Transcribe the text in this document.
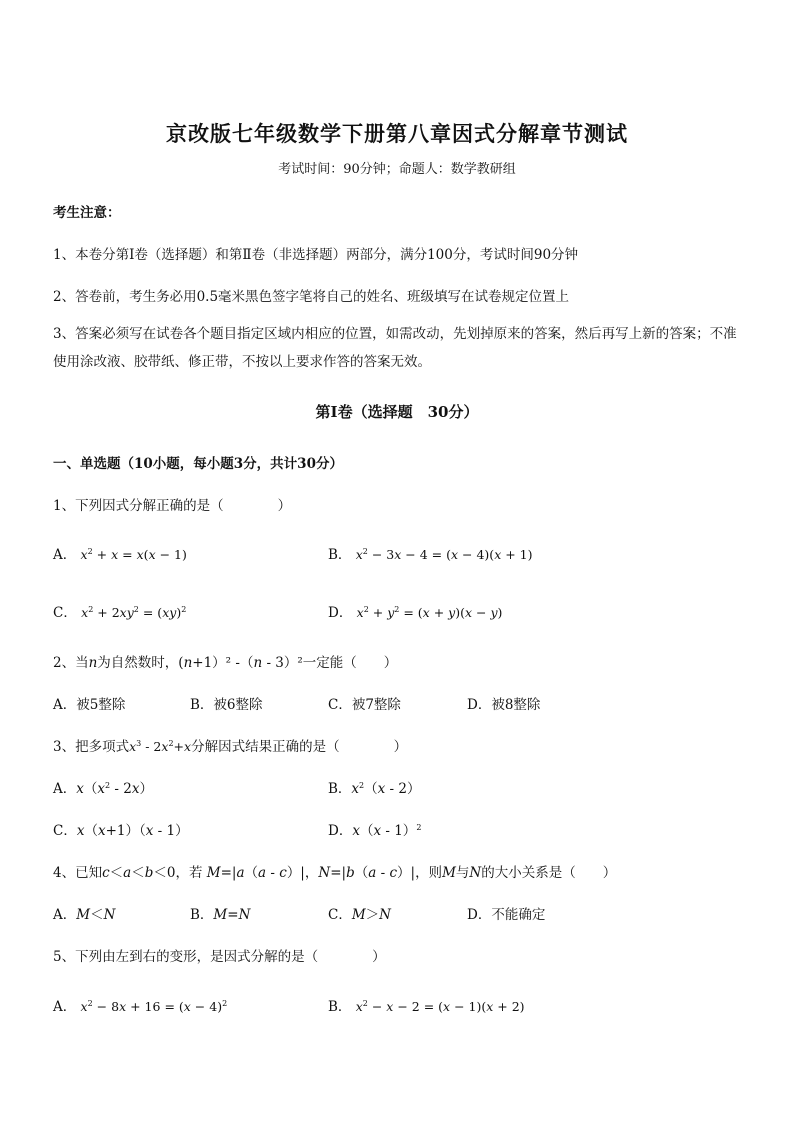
京改版七年级数学下册第八章因式分解章节测试
考试时间：90分钟；命题人：数学教研组
考生注意：
1、本卷分第Ⅰ卷（选择题）和第Ⅱ卷（非选择题）两部分，满分100分，考试时间90分钟
2、答卷前，考生务必用0.5毫米黑色签字笔将自己的姓名、班级填写在试卷规定位置上
3、答案必须写在试卷各个题目指定区域内相应的位置，如需改动，先划掉原来的答案，然后再写上新的答案；不准使用涂改液、胶带纸、修正带，不按以上要求作答的答案无效。
第Ⅰ卷（选择题　30分）
一、单选题（10小题，每小题3分，共计30分）
1、下列因式分解正确的是（　　　　）
A． $x^2 + x = x(x - 1)$	B． $x^2 - 3x - 4 = (x - 4)(x + 1)$
C． $x^2 + 2xy^2 = (xy)^2$	D． $x^2 + y^2 = (x + y)(x - y)$
2、当n为自然数时，(n+1）² -（n - 3）²一定能（　　）
A．被5整除	B．被6整除	C．被7整除	D．被8整除
3、把多项式$x^3 - 2x^2+x$分解因式结果正确的是（　　　　）
A．$x(x^2 - 2x)$	B．$x^2(x - 2)$
C．x（x+1）（x - 1）	D．x（x - 1）$^2$
4、已知c＜a＜b＜0，若 M=|a（a - c）|，N=|b（a - c）|，则M与N的大小关系是（　　）
A．M＜N	B．M=N	C．M＞N	D．不能确定
5、下列由左到右的变形，是因式分解的是（　　　　）
A． $x^2 - 8x + 16 = (x - 4)^2$	B． $x^2 - x - 2 = (x - 1)(x + 2)$
